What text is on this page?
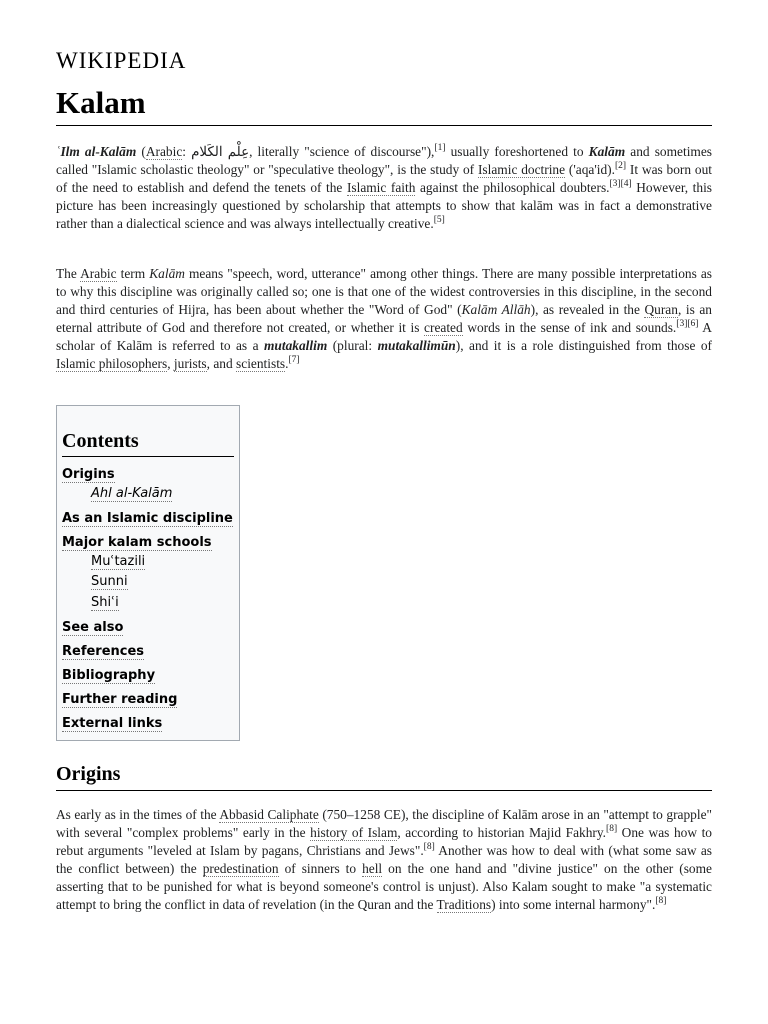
WIKIPEDIA
Kalam

ʿIlm al-Kalām (Arabic: عِلْم الكَلام, literally "science of discourse"),[1] usually foreshortened to Kalām and sometimes called "Islamic scholastic theology" or "speculative theology", is the study of Islamic doctrine ('aqa'id).[2] It was born out of the need to establish and defend the tenets of the Islamic faith against the philosophical doubters.[3][4] However, this picture has been increasingly questioned by scholarship that attempts to show that kalām was in fact a demonstrative rather than a dialectical science and was always intellectually creative.[5]

The Arabic term Kalām means "speech, word, utterance" among other things. There are many possible interpretations as to why this discipline was originally called so; one is that one of the widest controversies in this discipline, in the second and third centuries of Hijra, has been about whether the "Word of God" (Kalām Allāh), as revealed in the Quran, is an eternal attribute of God and therefore not created, or whether it is created words in the sense of ink and sounds.[3][6] A scholar of Kalām is referred to as a mutakallim (plural: mutakallimūn), and it is a role distinguished from those of Islamic philosophers, jurists, and scientists.[7]

Contents
Origins
Ahl al-Kalām
As an Islamic discipline
Major kalam schools
Muʿtazili
Sunni
Shiʿi
See also
References
Bibliography
Further reading
External links
Origins

As early as in the times of the Abbasid Caliphate (750–1258 CE), the discipline of Kalām arose in an "attempt to grapple" with several "complex problems" early in the history of Islam, according to historian Majid Fakhry.[8] One was how to rebut arguments "leveled at Islam by pagans, Christians and Jews".[8] Another was how to deal with (what some saw as the conflict between) the predestination of sinners to hell on the one hand and "divine justice" on the other (some asserting that to be punished for what is beyond someone's control is unjust). Also Kalam sought to make "a systematic attempt to bring the conflict in data of revelation (in the Quran and the Traditions) into some internal harmony".[8]
